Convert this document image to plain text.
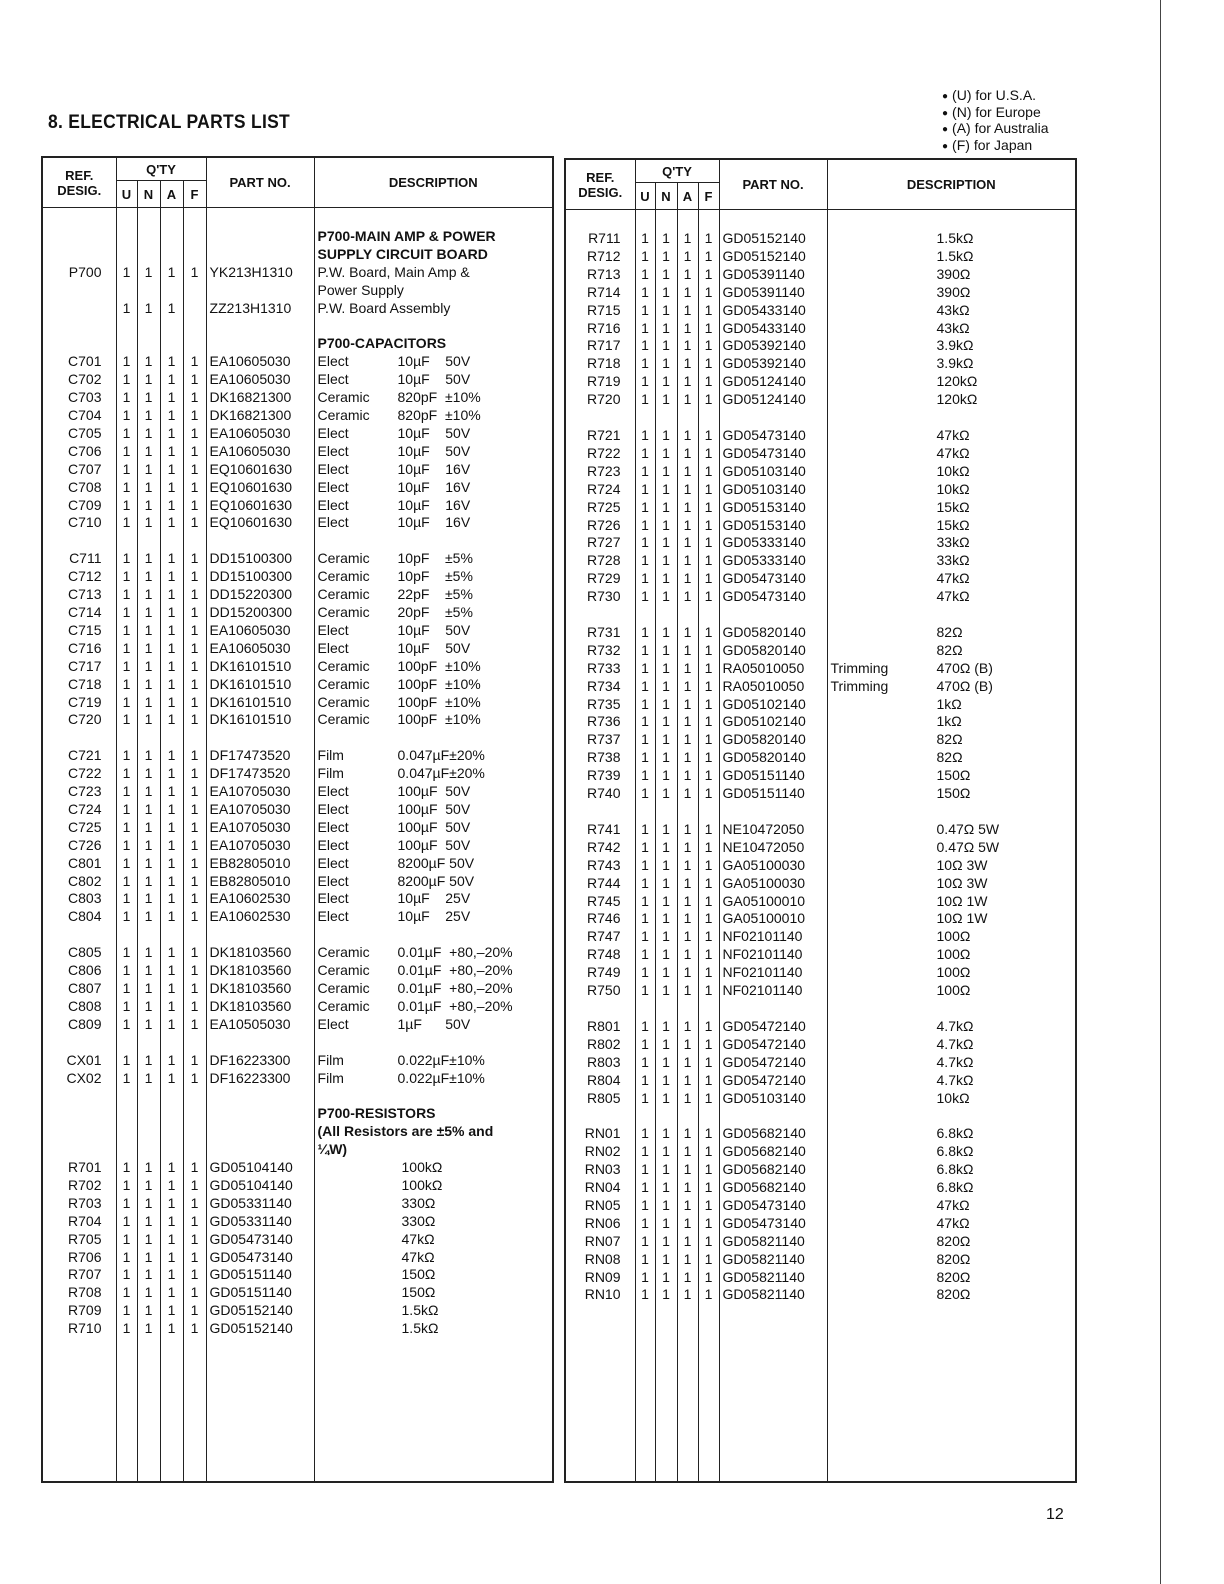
8. ELECTRICAL PARTS LIST
● (U) for U.S.A.
● (N) for Europe
● (A) for Australia
● (F) for Japan
REF.
DESIG.	Q'TY				PART NO.	DESCRIPTION
	U	N	A	F		

						P700-MAIN AMP & POWER
						SUPPLY CIRCUIT BOARD
P700	1	1	1	1	YK213H1310	P.W. Board, Main Amp &
						Power Supply
	1	1	1		ZZ213H1310	P.W. Board Assembly

						P700-CAPACITORS
C701	1	1	1	1	EA10605030	Elect 10µF    50V
C702	1	1	1	1	EA10605030	Elect 10µF    50V
C703	1	1	1	1	DK16821300	Ceramic 820pF  ±10%
C704	1	1	1	1	DK16821300	Ceramic 820pF  ±10%
C705	1	1	1	1	EA10605030	Elect 10µF    50V
C706	1	1	1	1	EA10605030	Elect 10µF    50V
C707	1	1	1	1	EQ10601630	Elect 10µF    16V
C708	1	1	1	1	EQ10601630	Elect 10µF    16V
C709	1	1	1	1	EQ10601630	Elect 10µF    16V
C710	1	1	1	1	EQ10601630	Elect 10µF    16V

C711	1	1	1	1	DD15100300	Ceramic 10pF    ±5%
C712	1	1	1	1	DD15100300	Ceramic 10pF    ±5%
C713	1	1	1	1	DD15220300	Ceramic 22pF    ±5%
C714	1	1	1	1	DD15200300	Ceramic 20pF    ±5%
C715	1	1	1	1	EA10605030	Elect 10µF    50V
C716	1	1	1	1	EA10605030	Elect 10µF    50V
C717	1	1	1	1	DK16101510	Ceramic 100pF  ±10%
C718	1	1	1	1	DK16101510	Ceramic 100pF  ±10%
C719	1	1	1	1	DK16101510	Ceramic 100pF  ±10%
C720	1	1	1	1	DK16101510	Ceramic 100pF  ±10%

C721	1	1	1	1	DF17473520	Film 0.047µF±20%
C722	1	1	1	1	DF17473520	Film 0.047µF±20%
C723	1	1	1	1	EA10705030	Elect 100µF  50V
C724	1	1	1	1	EA10705030	Elect 100µF  50V
C725	1	1	1	1	EA10705030	Elect 100µF  50V
C726	1	1	1	1	EA10705030	Elect 100µF  50V
C801	1	1	1	1	EB82805010	Elect 8200µF 50V
C802	1	1	1	1	EB82805010	Elect 8200µF 50V
C803	1	1	1	1	EA10602530	Elect 10µF    25V
C804	1	1	1	1	EA10602530	Elect 10µF    25V

C805	1	1	1	1	DK18103560	Ceramic 0.01µF  +80,–20%
C806	1	1	1	1	DK18103560	Ceramic 0.01µF  +80,–20%
C807	1	1	1	1	DK18103560	Ceramic 0.01µF  +80,–20%
C808	1	1	1	1	DK18103560	Ceramic 0.01µF  +80,–20%
C809	1	1	1	1	EA10505030	Elect 1µF      50V

CX01	1	1	1	1	DF16223300	Film 0.022µF±10%
CX02	1	1	1	1	DF16223300	Film 0.022µF±10%

						P700-RESISTORS
						(All Resistors are ±5% and
						¼W)
R701	1	1	1	1	GD05104140	100kΩ
R702	1	1	1	1	GD05104140	100kΩ
R703	1	1	1	1	GD05331140	330Ω
R704	1	1	1	1	GD05331140	330Ω
R705	1	1	1	1	GD05473140	47kΩ
R706	1	1	1	1	GD05473140	47kΩ
R707	1	1	1	1	GD05151140	150Ω
R708	1	1	1	1	GD05151140	150Ω
R709	1	1	1	1	GD05152140	1.5kΩ
R710	1	1	1	1	GD05152140	1.5kΩ

REF.
DESIG.	Q'TY				PART NO.	DESCRIPTION
	U	N	A	F		

R711	1	1	1	1	GD05152140	1.5kΩ
R712	1	1	1	1	GD05152140	1.5kΩ
R713	1	1	1	1	GD05391140	390Ω
R714	1	1	1	1	GD05391140	390Ω
R715	1	1	1	1	GD05433140	43kΩ
R716	1	1	1	1	GD05433140	43kΩ
R717	1	1	1	1	GD05392140	3.9kΩ
R718	1	1	1	1	GD05392140	3.9kΩ
R719	1	1	1	1	GD05124140	120kΩ
R720	1	1	1	1	GD05124140	120kΩ

R721	1	1	1	1	GD05473140	47kΩ
R722	1	1	1	1	GD05473140	47kΩ
R723	1	1	1	1	GD05103140	10kΩ
R724	1	1	1	1	GD05103140	10kΩ
R725	1	1	1	1	GD05153140	15kΩ
R726	1	1	1	1	GD05153140	15kΩ
R727	1	1	1	1	GD05333140	33kΩ
R728	1	1	1	1	GD05333140	33kΩ
R729	1	1	1	1	GD05473140	47kΩ
R730	1	1	1	1	GD05473140	47kΩ

R731	1	1	1	1	GD05820140	82Ω
R732	1	1	1	1	GD05820140	82Ω
R733	1	1	1	1	RA05010050	Trimming 470Ω (B)
R734	1	1	1	1	RA05010050	Trimming 470Ω (B)
R735	1	1	1	1	GD05102140	1kΩ
R736	1	1	1	1	GD05102140	1kΩ
R737	1	1	1	1	GD05820140	82Ω
R738	1	1	1	1	GD05820140	82Ω
R739	1	1	1	1	GD05151140	150Ω
R740	1	1	1	1	GD05151140	150Ω

R741	1	1	1	1	NE10472050	0.47Ω 5W
R742	1	1	1	1	NE10472050	0.47Ω 5W
R743	1	1	1	1	GA05100030	10Ω 3W
R744	1	1	1	1	GA05100030	10Ω 3W
R745	1	1	1	1	GA05100010	10Ω 1W
R746	1	1	1	1	GA05100010	10Ω 1W
R747	1	1	1	1	NF02101140	100Ω
R748	1	1	1	1	NF02101140	100Ω
R749	1	1	1	1	NF02101140	100Ω
R750	1	1	1	1	NF02101140	100Ω

R801	1	1	1	1	GD05472140	4.7kΩ
R802	1	1	1	1	GD05472140	4.7kΩ
R803	1	1	1	1	GD05472140	4.7kΩ
R804	1	1	1	1	GD05472140	4.7kΩ
R805	1	1	1	1	GD05103140	10kΩ

RN01	1	1	1	1	GD05682140	6.8kΩ
RN02	1	1	1	1	GD05682140	6.8kΩ
RN03	1	1	1	1	GD05682140	6.8kΩ
RN04	1	1	1	1	GD05682140	6.8kΩ
RN05	1	1	1	1	GD05473140	47kΩ
RN06	1	1	1	1	GD05473140	47kΩ
RN07	1	1	1	1	GD05821140	820Ω
RN08	1	1	1	1	GD05821140	820Ω
RN09	1	1	1	1	GD05821140	820Ω
RN10	1	1	1	1	GD05821140	820Ω

12
